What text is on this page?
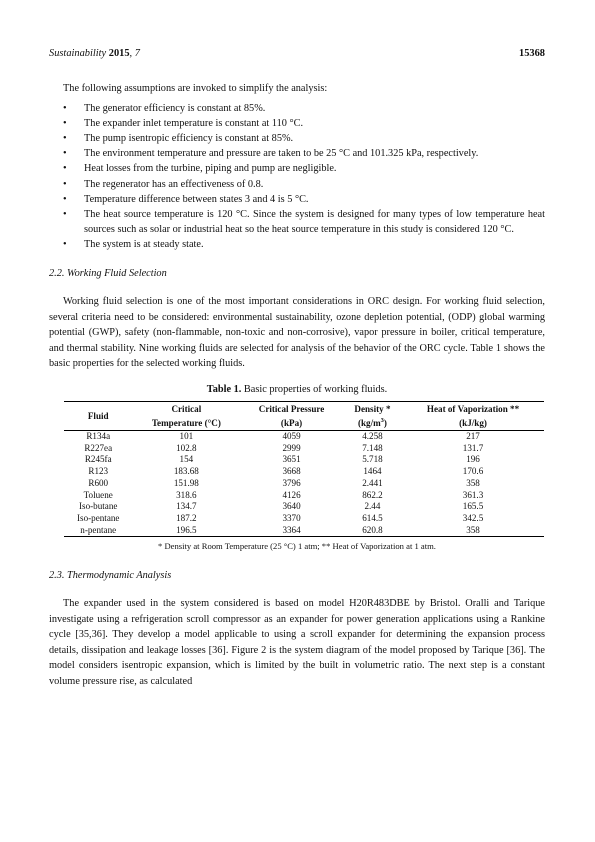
Sustainability 2015, 7	15368

The following assumptions are invoked to simplify the analysis:

• The generator efficiency is constant at 85%.
• The expander inlet temperature is constant at 110 °C.
• The pump isentropic efficiency is constant at 85%.
• The environment temperature and pressure are taken to be 25 °C and 101.325 kPa, respectively.
• Heat losses from the turbine, piping and pump are negligible.
• The regenerator has an effectiveness of 0.8.
• Temperature difference between states 3 and 4 is 5 °C.
• The heat source temperature is 120 °C. Since the system is designed for many types of low temperature heat sources such as solar or industrial heat so the heat source temperature in this study is considered 120 °C.
• The system is at steady state.
2.2. Working Fluid Selection

Working fluid selection is one of the most important considerations in ORC design. For working fluid selection, several criteria need to be considered: environmental sustainability, ozone depletion potential, (ODP) global warming potential (GWP), safety (non-flammable, non-toxic and non-corrosive), vapor pressure in boiler, critical temperature, and thermal stability. Nine working fluids are selected for analysis of the behavior of the ORC cycle. Table 1 shows the basic properties for the selected working fluids.

Table 1. Basic properties of working fluids.
Fluid	Critical	Critical Pressure	Density *	Heat of Vaporization **
	Temperature (°C)	(kPa)	$(kg/m^3)$	(kJ/kg)
R134a	101	4059	4.258	217
R227ea	102.8	2999	7.148	131.7
R245fa	154	3651	5.718	196
R123	183.68	3668	1464	170.6
R600	151.98	3796	2.441	358
Toluene	318.6	4126	862.2	361.3
Iso-butane	134.7	3640	2.44	165.5
Iso-pentane	187.2	3370	614.5	342.5
n-pentane	196.5	3364	620.8	358
* Density at Room Temperature (25 °C) 1 atm; ** Heat of Vaporization at 1 atm.
2.3. Thermodynamic Analysis

The expander used in the system considered is based on model H20R483DBE by Bristol. Oralli and Tarique investigate using a refrigeration scroll compressor as an expander for power generation applications using a Rankine cycle [35,36]. They develop a model applicable to using a scroll expander for determining the expansion process details, dissipation and leakage losses [36]. Figure 2 is the system diagram of the model proposed by Tarique [36]. The model considers isentropic expansion, which is limited by the built in volumetric ratio. The next step is a constant volume pressure rise, as calculated
